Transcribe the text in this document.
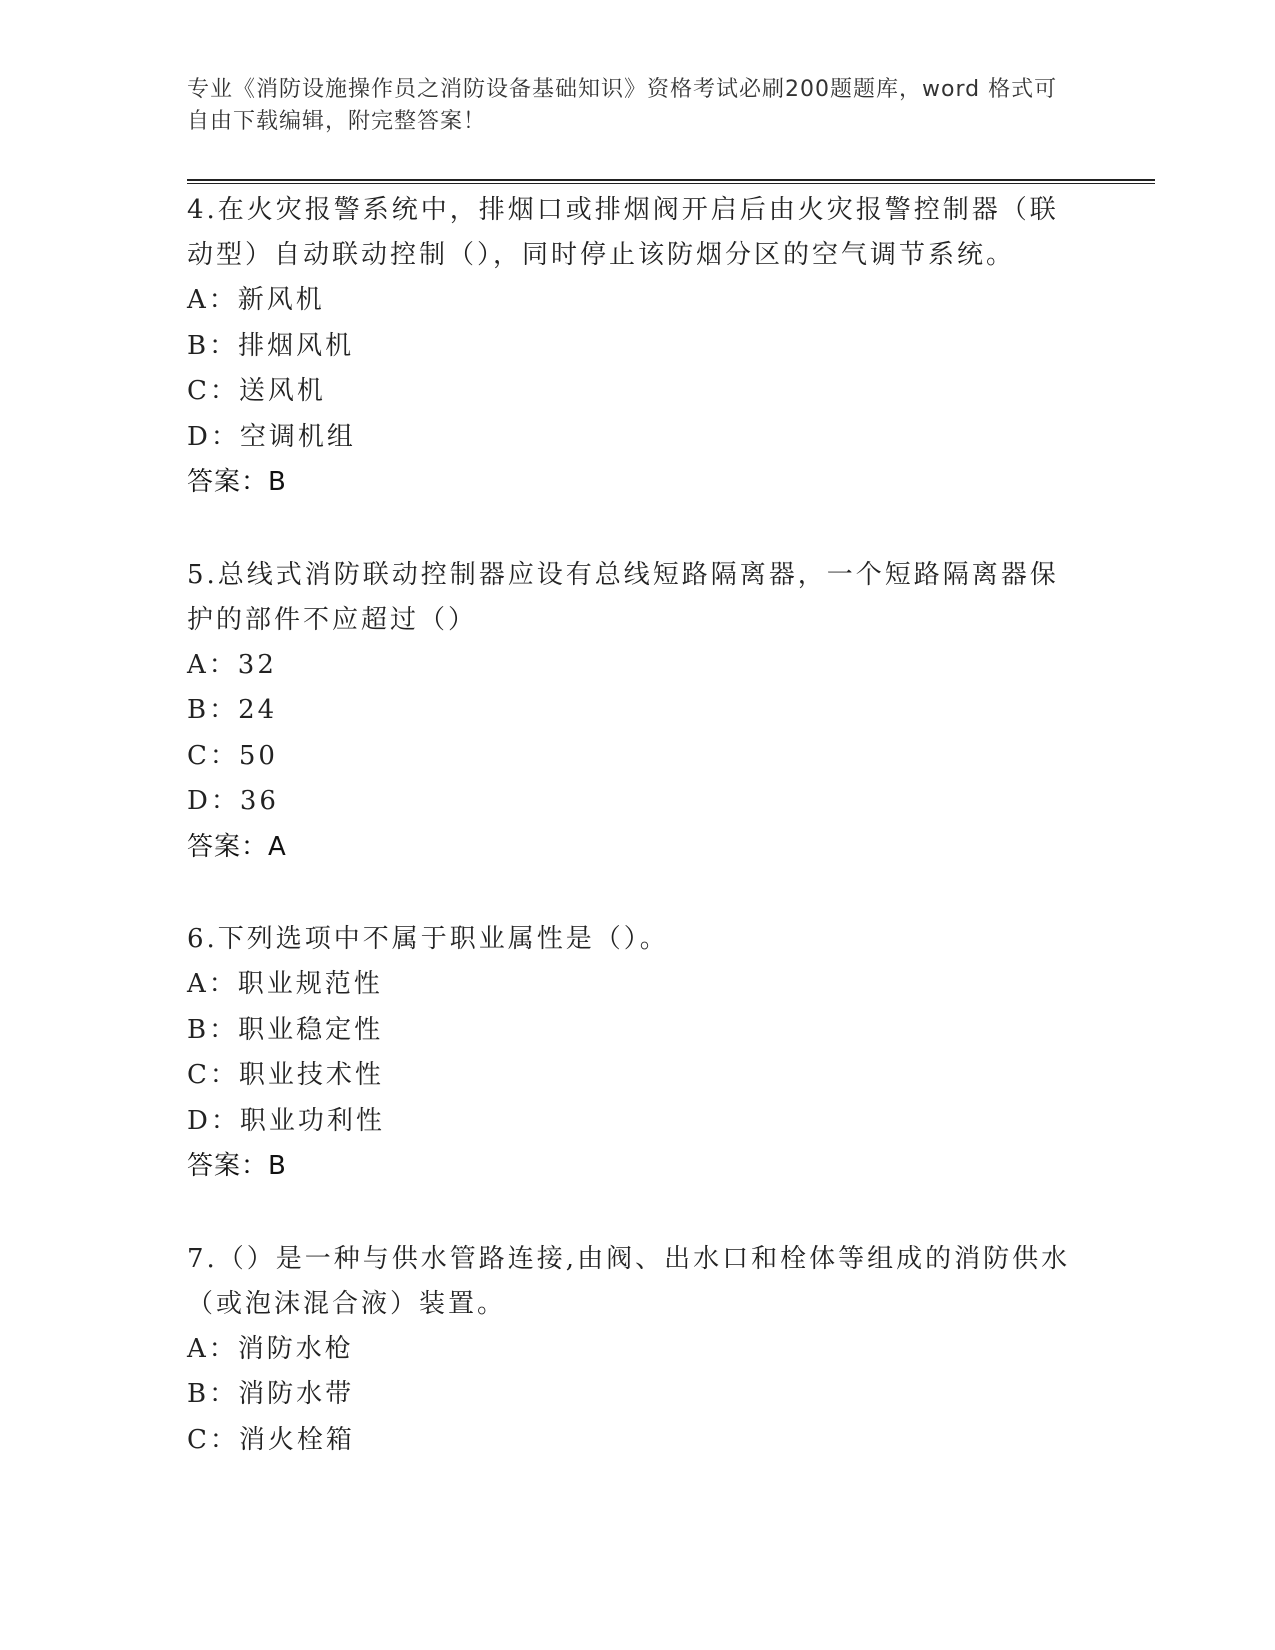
专业《消防设施操作员之消防设备基础知识》资格考试必刷200题题库，word 格式可自由下载编辑，附完整答案！

4.在火灾报警系统中，排烟口或排烟阀开启后由火灾报警控制器（联动型）自动联动控制（），同时停止该防烟分区的空气调节系统。

A：新风机
B：排烟风机
C：送风机
D：空调机组
答案：B

5.总线式消防联动控制器应设有总线短路隔离器，一个短路隔离器保护的部件不应超过（）

A：32
B：24
C：50
D：36
答案：A

6.下列选项中不属于职业属性是（）。

A：职业规范性
B：职业稳定性
C：职业技术性
D：职业功利性
答案：B

7.（）是一种与供水管路连接,由阀、出水口和栓体等组成的消防供水（或泡沫混合液）装置。

A：消防水枪
B：消防水带
C：消火栓箱
